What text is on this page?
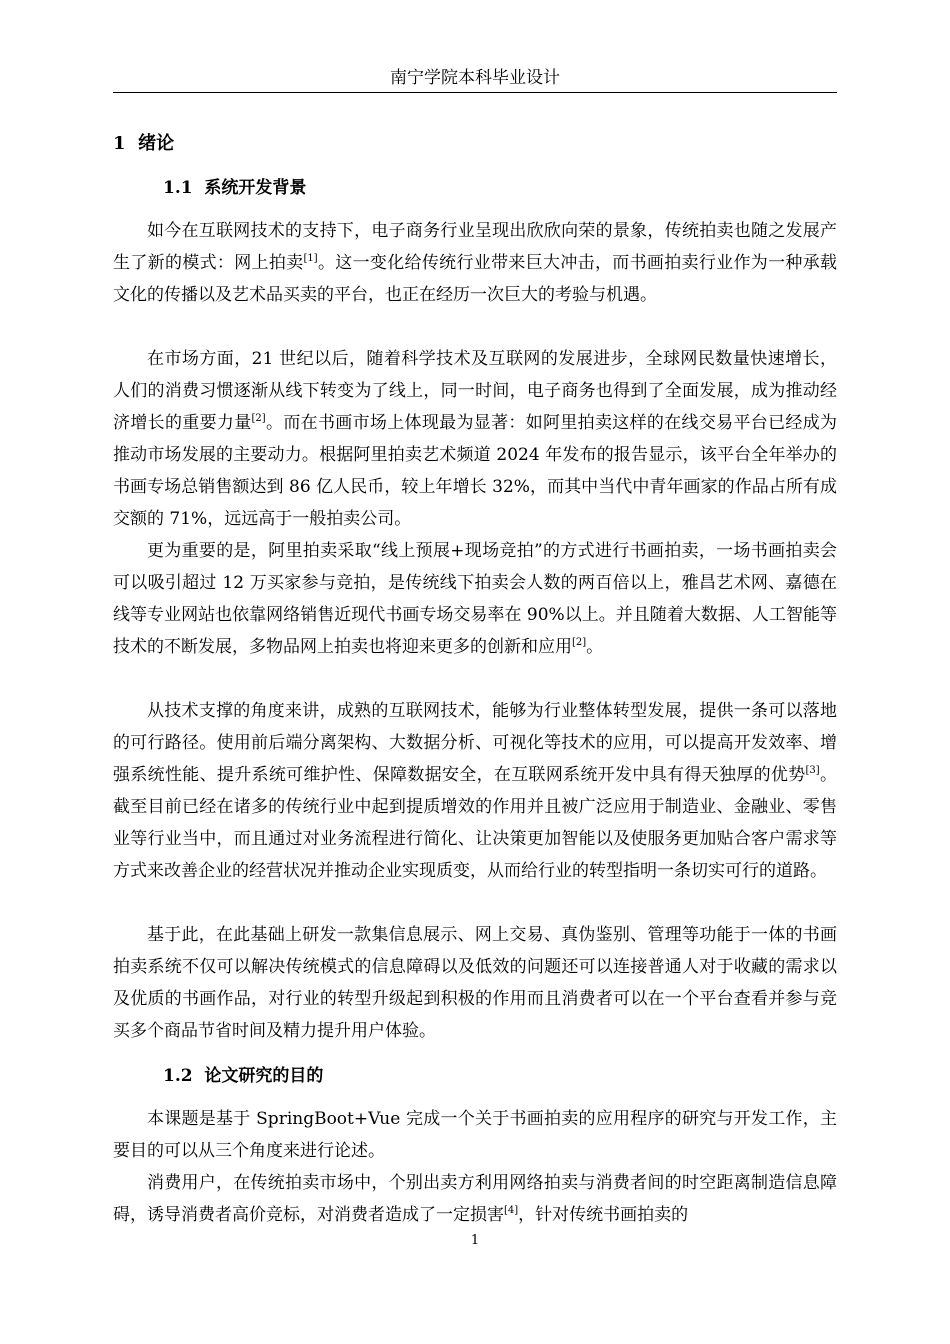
南宁学院本科毕业设计
1 绪论
1.1 系统开发背景
如今在互联网技术的支持下，电子商务行业呈现出欣欣向荣的景象，传统拍卖也随之发展产生了新的模式：网上拍卖[1]。这一变化给传统行业带来巨大冲击，而书画拍卖行业作为一种承载文化的传播以及艺术品买卖的平台，也正在经历一次巨大的考验与机遇。
在市场方面，21 世纪以后，随着科学技术及互联网的发展进步，全球网民数量快速增长，人们的消费习惯逐渐从线下转变为了线上，同一时间，电子商务也得到了全面发展，成为推动经济增长的重要力量[2]。而在书画市场上体现最为显著：如阿里拍卖这样的在线交易平台已经成为推动市场发展的主要动力。根据阿里拍卖艺术频道 2024 年发布的报告显示，该平台全年举办的书画专场总销售额达到 86 亿人民币，较上年增长 32%，而其中当代中青年画家的作品占所有成交额的 71%，远远高于一般拍卖公司。
更为重要的是，阿里拍卖采取“线上预展+现场竞拍”的方式进行书画拍卖，一场书画拍卖会可以吸引超过 12 万买家参与竞拍，是传统线下拍卖会人数的两百倍以上，雅昌艺术网、嘉德在线等专业网站也依靠网络销售近现代书画专场交易率在 90%以上。并且随着大数据、人工智能等技术的不断发展，多物品网上拍卖也将迎来更多的创新和应用[2]。
从技术支撑的角度来讲，成熟的互联网技术，能够为行业整体转型发展，提供一条可以落地的可行路径。使用前后端分离架构、大数据分析、可视化等技术的应用，可以提高开发效率、增强系统性能、提升系统可维护性、保障数据安全，在互联网系统开发中具有得天独厚的优势[3]。截至目前已经在诸多的传统行业中起到提质增效的作用并且被广泛应用于制造业、金融业、零售业等行业当中，而且通过对业务流程进行简化、让决策更加智能以及使服务更加贴合客户需求等方式来改善企业的经营状况并推动企业实现质变，从而给行业的转型指明一条切实可行的道路。
基于此，在此基础上研发一款集信息展示、网上交易、真伪鉴别、管理等功能于一体的书画拍卖系统不仅可以解决传统模式的信息障碍以及低效的问题还可以连接普通人对于收藏的需求以及优质的书画作品，对行业的转型升级起到积极的作用而且消费者可以在一个平台查看并参与竞买多个商品节省时间及精力提升用户体验。
1.2 论文研究的目的
本课题是基于 SpringBoot+Vue 完成一个关于书画拍卖的应用程序的研究与开发工作，主要目的可以从三个角度来进行论述。
消费用户，在传统拍卖市场中，个别出卖方利用网络拍卖与消费者间的时空距离制造信息障碍，诱导消费者高价竞标，对消费者造成了一定损害[4]，针对传统书画拍卖的
1
